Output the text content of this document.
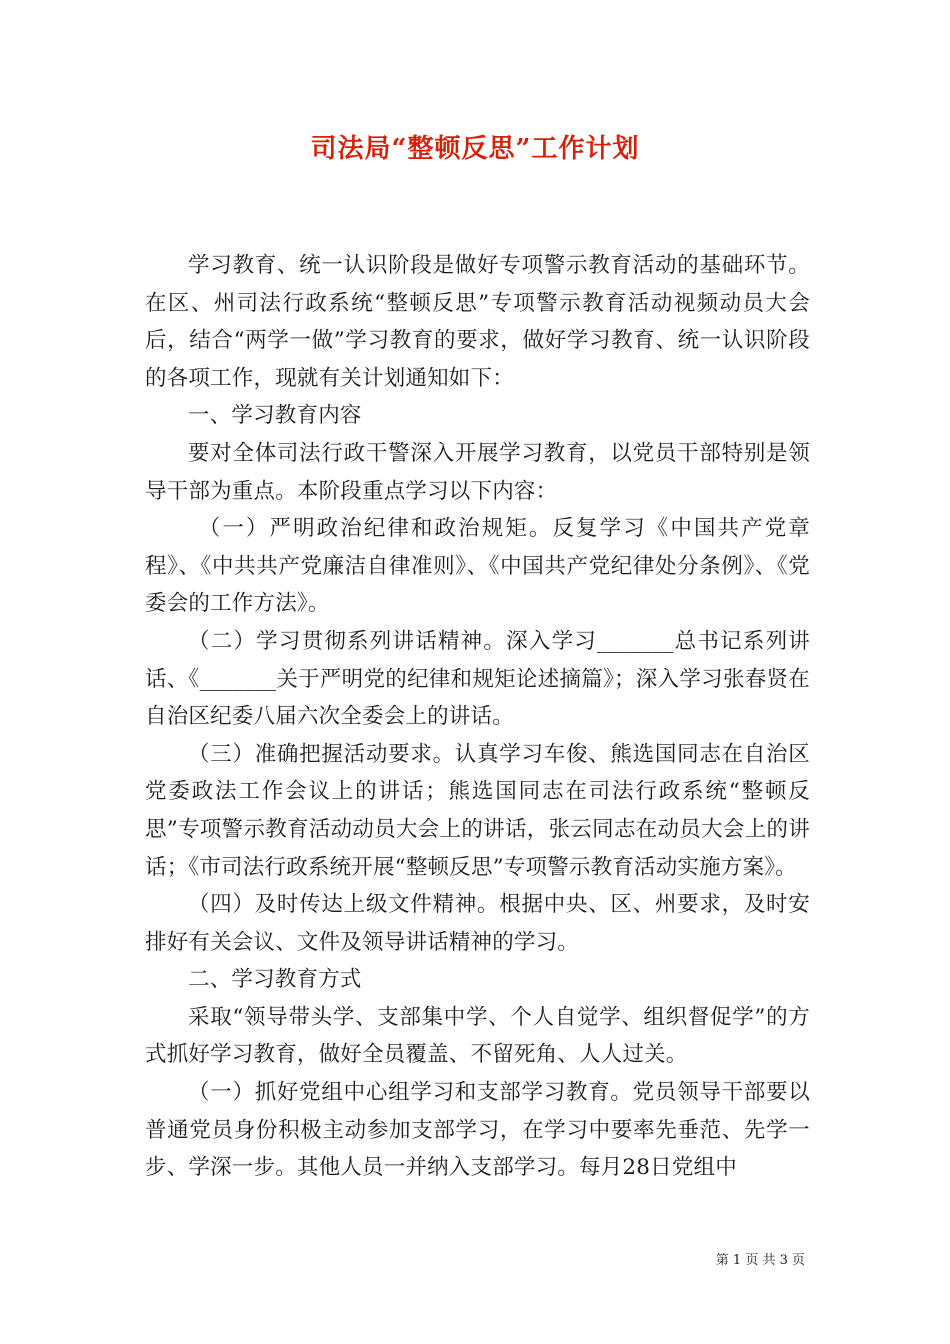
司法局“整顿反思”工作计划

学习教育、统一认识阶段是做好专项警示教育活动的基础环节。在区、州司法行政系统“整顿反思”专项警示教育活动视频动员大会后，结合“两学一做”学习教育的要求，做好学习教育、统一认识阶段的各项工作，现就有关计划通知如下：

一、学习教育内容

要对全体司法行政干警深入开展学习教育，以党员干部特别是领导干部为重点。本阶段重点学习以下内容：

（一）严明政治纪律和政治规矩。反复学习《中国共产党章程》、《中共共产党廉洁自律准则》、《中国共产党纪律处分条例》、《党委会的工作方法》。

（二）学习贯彻系列讲话精神。深入学习_______总书记系列讲话、《_______关于严明党的纪律和规矩论述摘篇》；深入学习张春贤在自治区纪委八届六次全委会上的讲话。

（三）准确把握活动要求。认真学习车俊、熊选国同志在自治区党委政法工作会议上的讲话；熊选国同志在司法行政系统“整顿反思”专项警示教育活动动员大会上的讲话，张云同志在动员大会上的讲话；《市司法行政系统开展“整顿反思”专项警示教育活动实施方案》。

（四）及时传达上级文件精神。根据中央、区、州要求，及时安排好有关会议、文件及领导讲话精神的学习。

二、学习教育方式

采取“领导带头学、支部集中学、个人自觉学、组织督促学”的方式抓好学习教育，做好全员覆盖、不留死角、人人过关。

（一）抓好党组中心组学习和支部学习教育。党员领导干部要以普通党员身份积极主动参加支部学习，在学习中要率先垂范、先学一步、学深一步。其他人员一并纳入支部学习。每月28日党组中

第 1 页 共 3 页
